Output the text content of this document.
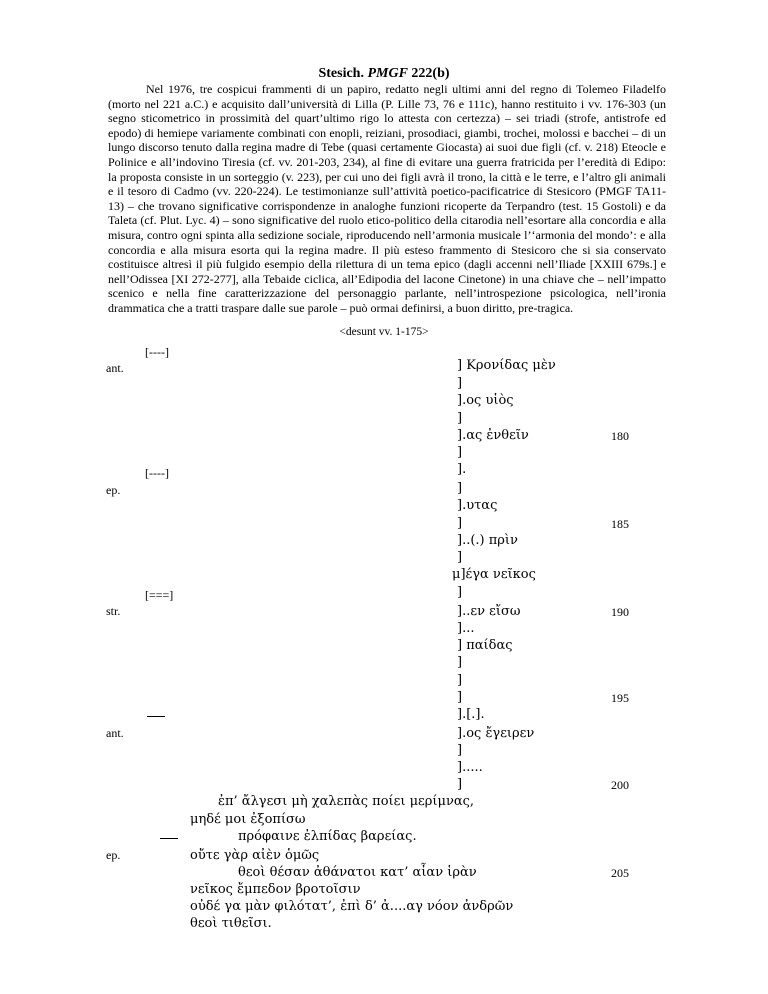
Stesich. PMGF 222(b)

Nel 1976, tre cospicui frammenti di un papiro, redatto negli ultimi anni del regno di Tolemeo Filadelfo (morto nel 221 a.C.) e acquisito dall’università di Lilla (P. Lille 73, 76 e 111c), hanno restituito i vv. 176-303 (un segno sticometrico in prossimità del quart’ultimo rigo lo attesta con certezza) – sei triadi (strofe, antistrofe ed epodo) di hemiepe variamente combinati con enopli, reiziani, prosodiaci, giambi, trochei, molossi e bacchei – di un lungo discorso tenuto dalla regina madre di Tebe (quasi certamente Giocasta) ai suoi due figli (cf. v. 218) Eteocle e Polinice e all’indovino Tiresia (cf. vv. 201-203, 234), al fine di evitare una guerra fratricida per l’eredità di Edipo: la proposta consiste in un sorteggio (v. 223), per cui uno dei figli avrà il trono, la città e le terre, e l’altro gli animali e il tesoro di Cadmo (vv. 220-224). Le testimonianze sull’attività poetico-pacificatrice di Stesicoro (PMGF TA11-13) – che trovano significative corrispondenze in analoghe funzioni ricoperte da Terpandro (test. 15 Gostoli) e da Taleta (cf. Plut. Lyc. 4) – sono significative del ruolo etico-politico della citarodia nell’esortare alla concordia e alla misura, contro ogni spinta alla sedizione sociale, riproducendo nell’armonia musicale l’‘armonia del mondo’: e alla concordia e alla misura esorta qui la regina madre. Il più esteso frammento di Stesicoro che si sia conservato costituisce altresì il più fulgido esempio della rilettura di un tema epico (dagli accenni nell’Iliade [XXIII 679s.] e nell’Odissea [XI 272-277], alla Tebaide ciclica, all’Edipodia del lacone Cinetone) in una chiave che – nell’impatto scenico e nella fine caratterizzazione del personaggio parlante, nell’introspezione psicologica, nell’ironia drammatica che a tratti traspare dalle sue parole – può ormai definirsi, a buon diritto, pre-tragica.

<desunt vv. 1-175>
[----]
[----]
[===]
ant.
ep.
str.
ant.
ep.
] Κρονίδας μὲν
]
].ος υἱὸς
]
].ας ἐνθεῖν
]
].
]
].υτας
]
]..(.) πρὶν
]
μ]έγα νεῖκος
]
]..εν εἴσω
]...
] παίδας
]
]
]
].[.].
].ος ἔγειρεν
]
].....
]
ἐπ’ ἄλγεσι μὴ χαλεπὰς ποίει μερίμνας,
μηδέ μοι ἐξοπίσω
πρόφαινε ἐλπίδας βαρείας.
οὔτε γὰρ αἰὲν ὁμῶς
θεοὶ θέσαν ἀθάνατοι κατ’ αἶαν ἱρὰν
νεῖκος ἔμπεδον βροτοῖσιν
οὐδέ γα μὰν φιλότατ’, ἐπὶ δ’ ἀ....αγ νόον ἀνδρῶν
θεοὶ τιθεῖσι.
180
185
190
195
200
205
